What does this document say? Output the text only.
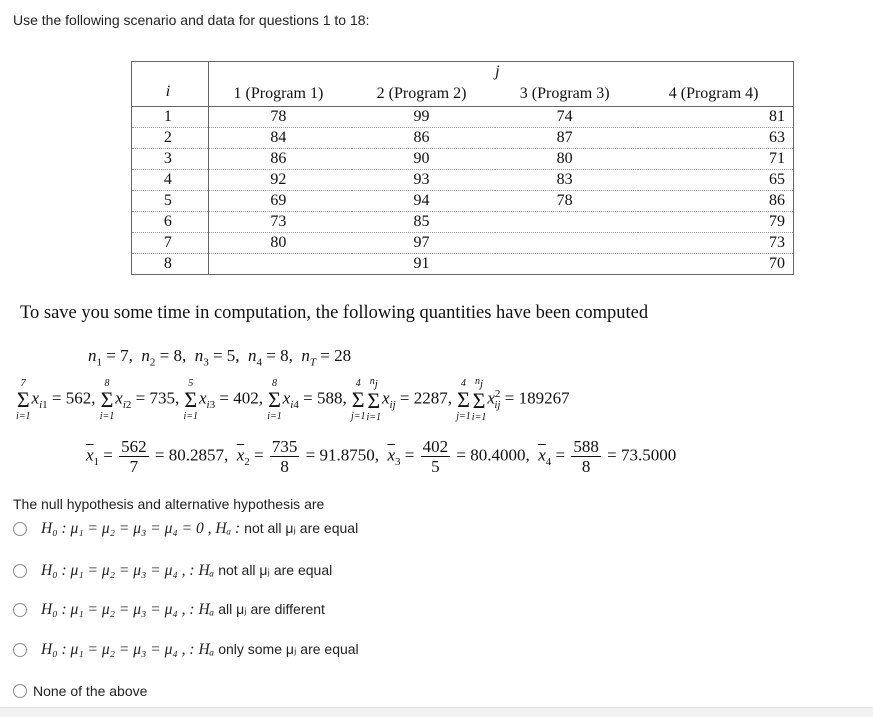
Use the following scenario and data for questions 1 to 18:
			j	
i	1 (Program 1)	2 (Program 2)	3 (Program 3)	4 (Program 4)
1	78	99	74	81
2	84	86	87	63
3	86	90	80	71
4	92	93	83	65
5	69	94	78	86
6	73	85		79
7	80	97		73
8		91		70
To save you some time in computation, the following quantities have been computed
$n_1 = 7$,  $n_2 = 8$,  $n_3 = 5$,  $n_4 = 8$,  $n_T = 28$
7
Σ
i=1
$x_{i1} = 562$,
8
Σ
i=1
$x_{i2} = 735$,
5
Σ
i=1
$x_{i3} = 402$,
8
Σ
i=1
$x_{i4} = 588$,
4
Σ
j=1
$n_j$
Σ
i=1
$x_{ij} = 2287$,
4
Σ
j=1
$n_j$
Σ
i=1
$x^2_{ij} = 189267$
$\overline{x}_1 = \frac{562}{7} = 80.2857$,  $\overline{x}_2 = \frac{735}{8} = 91.8750$,  $\overline{x}_3 = \frac{402}{5} = 80.4000$,  $\overline{x}_4 = \frac{588}{8} = 73.5000$
The null hypothesis and alternative hypothesis are
H₀ : μ₁ = μ₂ = μ₃ = μ₄ = 0 , Hₐ : not all μⱼ are equal
H₀ : μ₁ = μ₂ = μ₃ = μ₄ , : Hₐ not all μⱼ are equal
H₀ : μ₁ = μ₂ = μ₃ = μ₄ , : Hₐ all μⱼ are different
H₀ : μ₁ = μ₂ = μ₃ = μ₄ , : Hₐ only some μⱼ are equal
None of the above
